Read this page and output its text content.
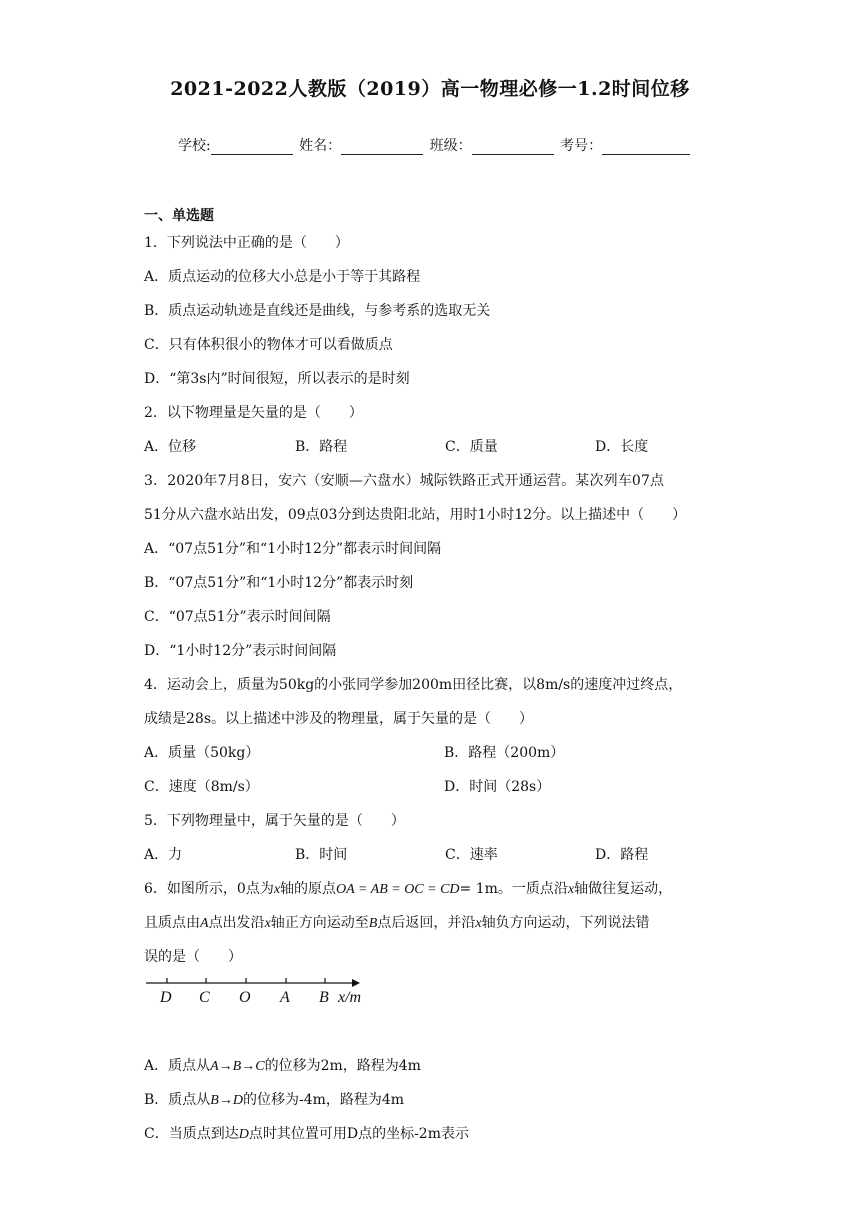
2021-2022人教版（2019）高一物理必修一1.2时间位移
学校:	姓名：	班级：	考号：
一、单选题
1．下列说法中正确的是（　　）
A．质点运动的位移大小总是小于等于其路程
B．质点运动轨迹是直线还是曲线，与参考系的选取无关
C．只有体积很小的物体才可以看做质点
D．“第3s内”时间很短，所以表示的是时刻
2．以下物理量是矢量的是（　　）
A．位移	B．路程	C．质量	D．长度
3．2020年7月8日，安六（安顺—六盘水）城际铁路正式开通运营。某次列车07点
51分从六盘水站出发，09点03分到达贵阳北站，用时1小时12分。以上描述中（　　）
A．“07点51分”和“1小时12分”都表示时间间隔
B．“07点51分”和“1小时12分”都表示时刻
C．“07点51分”表示时间间隔
D．“1小时12分”表示时间间隔
4．运动会上，质量为50kg的小张同学参加200m田径比赛，以8m/s的速度冲过终点，
成绩是28s。以上描述中涉及的物理量，属于矢量的是（　　）
A．质量（50kg）	B．路程（200m）
C．速度（8m/s）	D．时间（28s）
5．下列物理量中，属于矢量的是（　　）
A．力	B．时间	C．速率	D．路程
6．如图所示，0点为x轴的原点OA = AB = OC = CD= 1m。一质点沿x轴做往复运动，
且质点由A点出发沿x轴正方向运动至B点后返回，并沿x轴负方向运动，下列说法错
误的是（　　）
D C O A B x/m
A．质点从A→B→C的位移为2m，路程为4m
B．质点从B→D的位移为-4m，路程为4m
C．当质点到达D点时其位置可用D点的坐标-2m表示
